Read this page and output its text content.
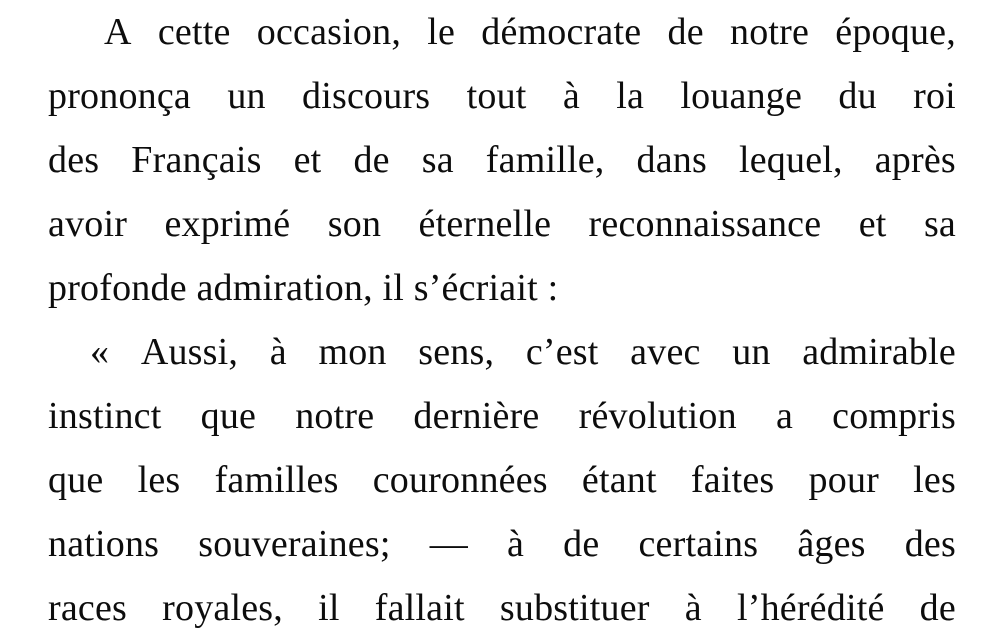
A cette occasion, le démocrate de notre époque,
prononça un discours tout à la louange du roi
des Français et de sa famille, dans lequel, après
avoir exprimé son éternelle reconnaissance et sa
profonde admiration, il s’écriait :

« Aussi, à mon sens, c’est avec un admirable
instinct que notre dernière révolution a compris
que les familles couronnées étant faites pour les
nations souveraines; — à de certains âges des
races royales, il fallait substituer à l’hérédité de
